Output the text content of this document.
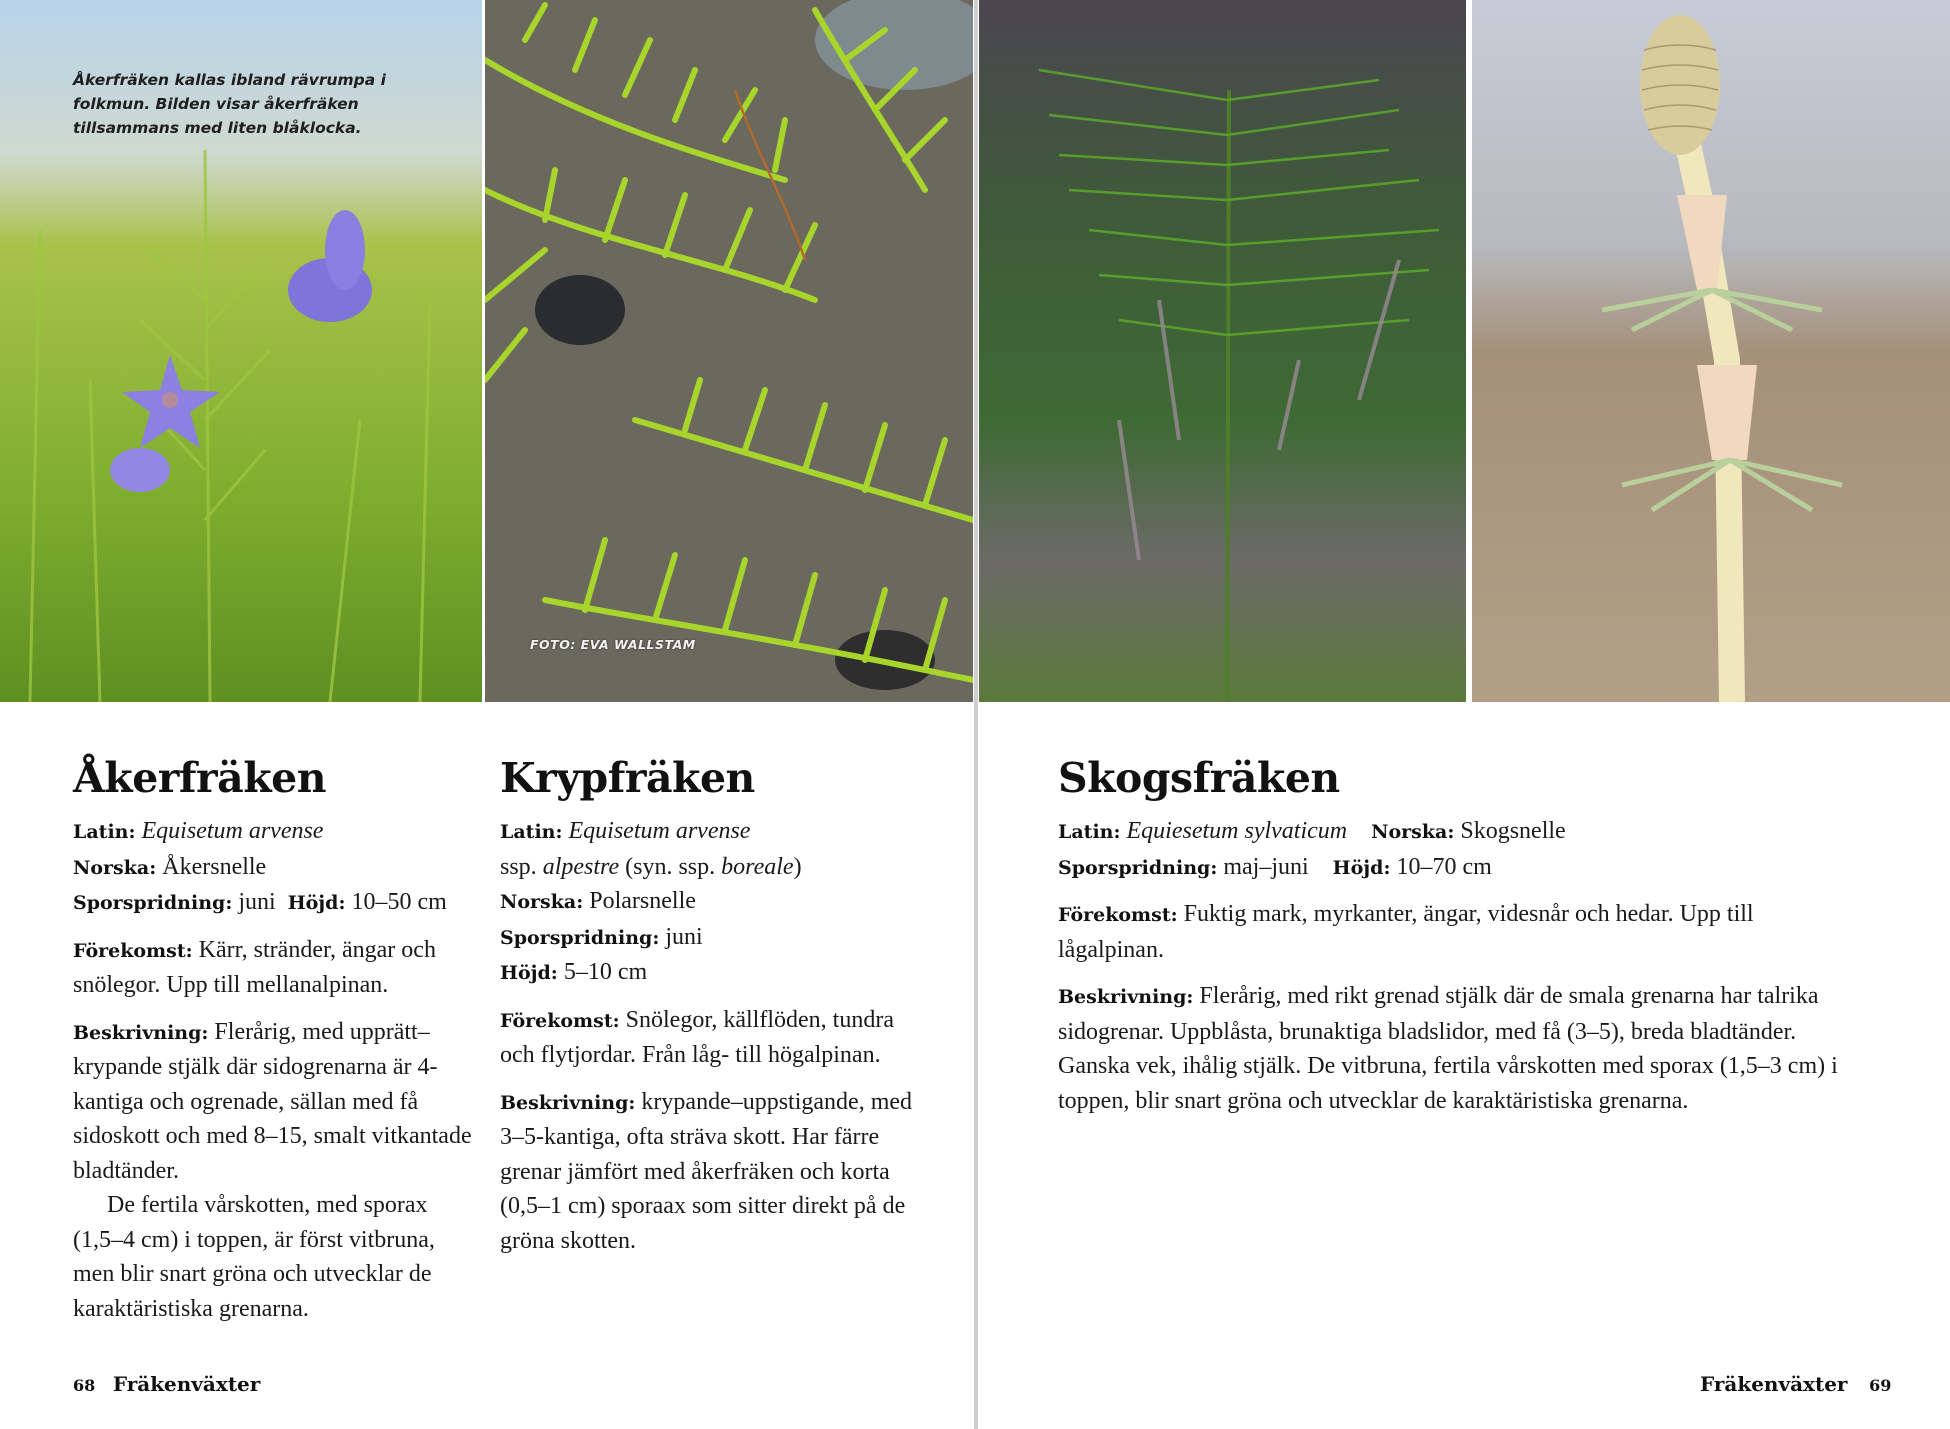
Åkerfräken kallas ibland rävrumpa i folkmun. Bilden visar åkerfräken tillsammans med liten blåklocka.
FOTO: EVA WALLSTAM
Åkerfräken

Latin: Equisetum arvense

Norska: Åkersnelle

Sporspridning: juni Höjd: 10–50 cm

Förekomst: Kärr, stränder, ängar och snölegor. Upp till mellanalpinan.

Beskrivning: Flerårig, med upprätt–krypande stjälk där sidogrenarna är 4-kantiga och ogrenade, sällan med få sidoskott och med 8–15, smalt vitkantade bladtänder.

De fertila vårskotten, med sporax (1,5–4 cm) i toppen, är först vitbruna, men blir snart gröna och utvecklar de karaktäristiska grenarna.

Krypfräken

Latin: Equisetum arvense

ssp. alpestre (syn. ssp. boreale)

Norska: Polarsnelle

Sporspridning: juni

Höjd: 5–10 cm

Förekomst: Snölegor, källflöden, tundra och flytjordar. Från låg- till högalpinan.

Beskrivning: krypande–uppstigande, med 3–5-kantiga, ofta sträva skott. Har färre grenar jämfört med åkerfräken och korta (0,5–1 cm) sporaax som sitter direkt på de gröna skotten.

Skogsfräken

Latin: Equiesetum sylvaticum Norska: Skogsnelle

Sporspridning: maj–juni Höjd: 10–70 cm

Förekomst: Fuktig mark, myrkanter, ängar, videsnår och hedar. Upp till lågalpinan.

Beskrivning: Flerårig, med rikt grenad stjälk där de smala grenarna har talrika sidogrenar. Uppblåsta, brunaktiga bladslidor, med få (3–5), breda bladtänder. Ganska vek, ihålig stjälk. De vitbruna, fertila vårskotten med sporax (1,5–3 cm) i toppen, blir snart gröna och utvecklar de karaktäristiska grenarna.

68 Fräkenväxter	Fräkenväxter 69
